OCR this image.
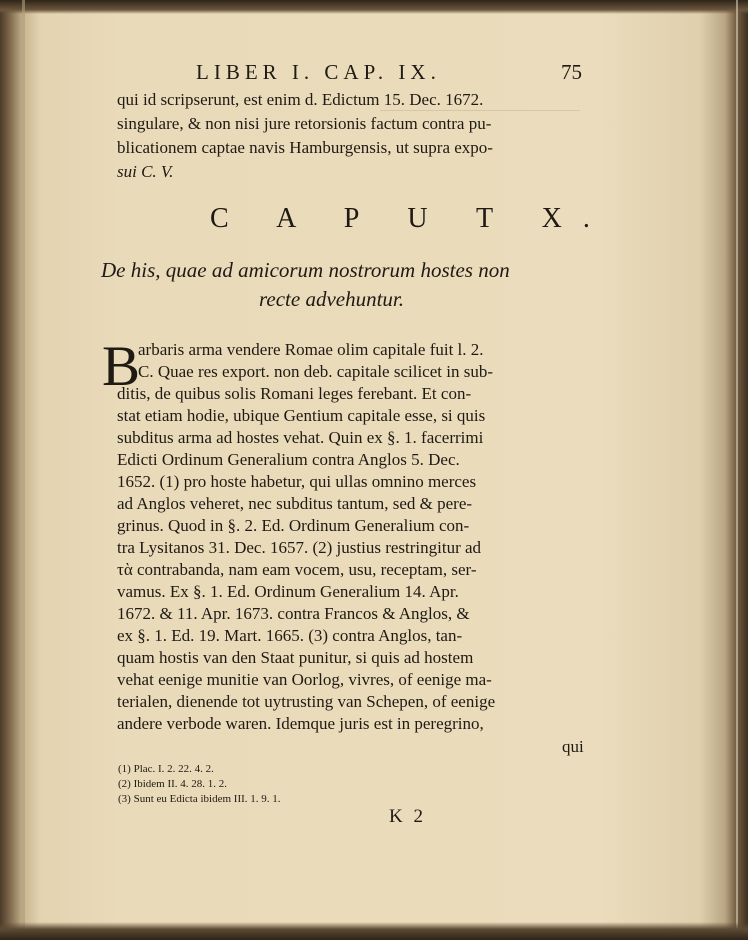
LIBER I. CAP. IX.	75
qui id scripserunt, est enim d. Edictum 15. Dec. 1672.
singulare, & non nisi jure retorsionis factum contra pu-
blicationem captae navis Hamburgensis, ut supra expo-
sui C. V.
C A P U T X.
De his, quae ad amicorum nostrorum hostes non
recte advehuntur.
B
arbaris arma vendere Romae olim capitale fuit l. 2.
C. Quae res export. non deb. capitale scilicet in sub-
ditis, de quibus solis Romani leges ferebant. Et con-
stat etiam hodie, ubique Gentium capitale esse, si quis
subditus arma ad hostes vehat. Quin ex §. 1. facerrimi
Edicti Ordinum Generalium contra Anglos 5. Dec.
1652. (1) pro hoste habetur, qui ullas omnino merces
ad Anglos veheret, nec subditus tantum, sed & pere-
grinus. Quod in §. 2. Ed. Ordinum Generalium con-
tra Lysitanos 31. Dec. 1657. (2) justius restringitur ad
τὰ contrabanda, nam eam vocem, usu, receptam, ser-
vamus. Ex §. 1. Ed. Ordinum Generalium 14. Apr.
1672. & 11. Apr. 1673. contra Francos & Anglos, &
ex §. 1. Ed. 19. Mart. 1665. (3) contra Anglos, tan-
quam hostis van den Staat punitur, si quis ad hostem
vehat eenige munitie van Oorlog, vivres, of eenige ma-
terialen, dienende tot uytrusting van Schepen, of eenige
andere verbode waren. Idemque juris est in peregrino,
qui
(1) Plac. I. 2. 22. 4. 2.
(2) Ibidem II. 4. 28. 1. 2.
(3) Sunt eu Edicta ibidem III. 1. 9. 1.
K 2
